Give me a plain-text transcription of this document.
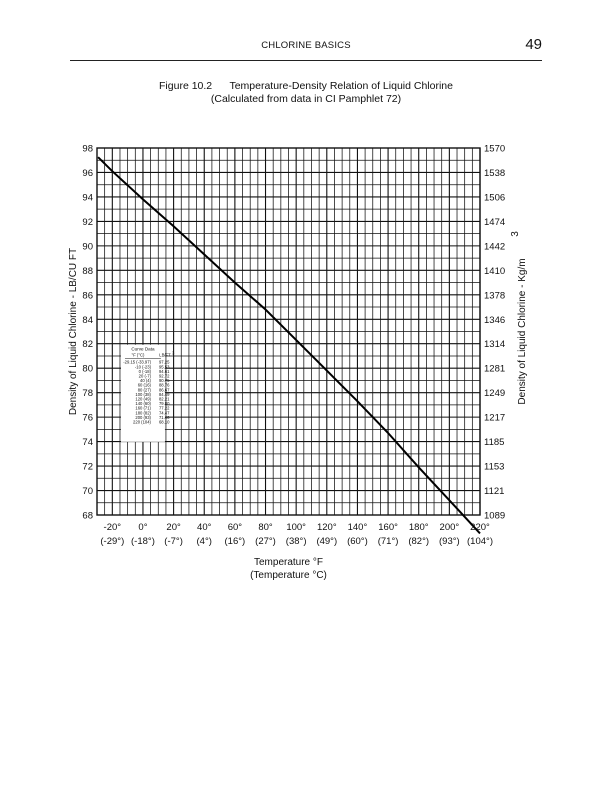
CHLORINE BASICS	49
Figure 10.2      Temperature-Density Relation of Liquid Chlorine
(Calculated from data in CI Pamphlet 72)
68
70
72
74
76
78
80
82
84
86
88
90
92
94
96
98
1089
1121
1153
1185
1217
1249
1281
1314
1346
1378
1410
1442
1474
1506
1538
1570
-20°
(-29°)
0°
(-18°)
20°
(-7°)
40°
(4°)
60°
(16°)
80°
(27°)
100°
(38°)
120°
(49°)
140°
(60°)
160°
(71°)
180°
(82°)
200°
(93°)
220°
(104°)
Curve Data
°F (°C)	LB/FT 3
-29.15 (-33.97) 97.25
-10 (-23) 95.53
0 (-18) 94.61
20 (-7) 92.72
40 (4) 90.75
60 (16) 88.76
80 (27) 86.67
100 (38) 84.49
120 (49) 82.21
140 (60) 79.80
160 (71) 77.22
180 (82) 74.47
200 (93) 71.46
220 (104) 68.10
Temperature °F
(Temperature °C)
Density of Liquid Chlorine - LB/CU FT	Density of Liquid Chlorine - Kg/m
3
